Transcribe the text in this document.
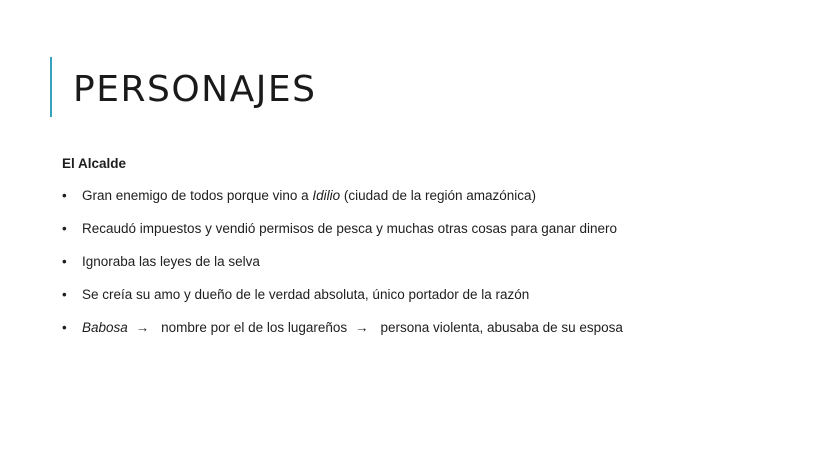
PERSONAJES
El Alcalde
• Gran enemigo de todos porque vino a Idilio (ciudad de la región amazónica)
• Recaudó impuestos y vendió permisos de pesca y muchas otras cosas para ganar dinero
• Ignoraba las leyes de la selva
• Se creía su amo y dueño de le verdad absoluta, único portador de la razón
• Babosa → nombre por el de los lugareños → persona violenta, abusaba de su esposa
